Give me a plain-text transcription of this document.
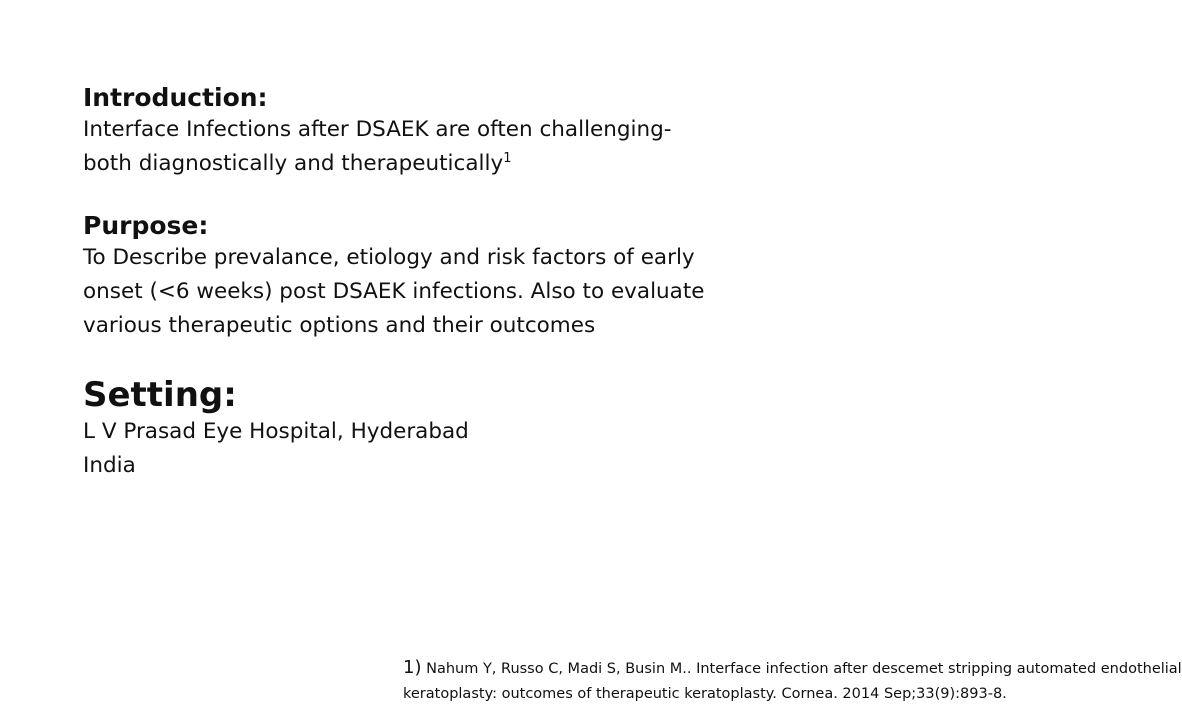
Introduction:

Interface Infections after DSAEK are often challenging-
both diagnostically and therapeutically$^1$

Purpose:

To Describe prevalance, etiology and risk factors of early
onset (<6 weeks) post DSAEK infections. Also to evaluate
various therapeutic options and their outcomes

Setting:

L V Prasad Eye Hospital, Hyderabad
India

1) Nahum Y, Russo C, Madi S, Busin M.. Interface infection after descemet stripping automated endothelial
keratoplasty: outcomes of therapeutic keratoplasty. Cornea. 2014 Sep;33(9):893-8.
